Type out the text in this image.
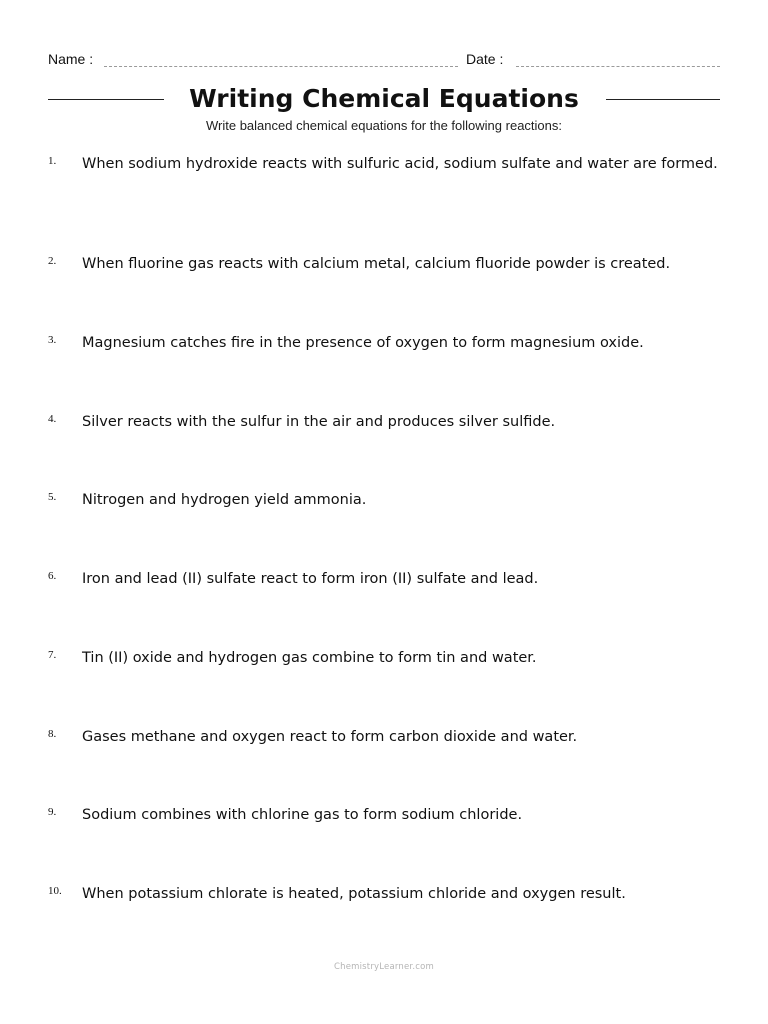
Name :	Date :
Writing Chemical Equations
Write balanced chemical equations for the following reactions:
1.	When sodium hydroxide reacts with sulfuric acid, sodium sulfate and water are formed.
2.	When fluorine gas reacts with calcium metal, calcium fluoride powder is created.
3.	Magnesium catches fire in the presence of oxygen to form magnesium oxide.
4.	Silver reacts with the sulfur in the air and produces silver sulfide.
5.	Nitrogen and hydrogen yield ammonia.
6.	Iron and lead (II) sulfate react to form iron (II) sulfate and lead.
7.	Tin (II) oxide and hydrogen gas combine to form tin and water.
8.	Gases methane and oxygen react to form carbon dioxide and water.
9.	Sodium combines with chlorine gas to form sodium chloride.
10.	When potassium chlorate is heated, potassium chloride and oxygen result.
ChemistryLearner.com
